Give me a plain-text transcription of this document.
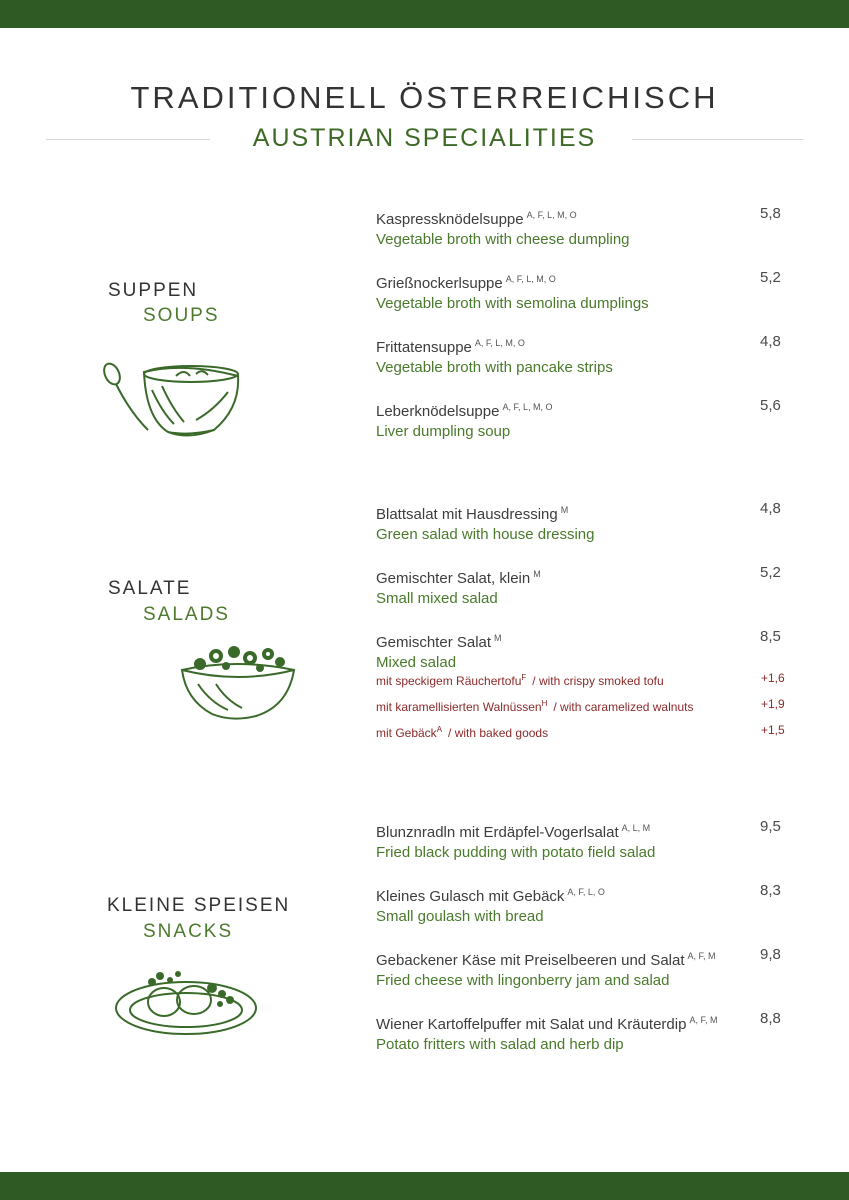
TRADITIONELL ÖSTERREICHISCH
AUSTRIAN SPECIALITIES
SUPPEN
SOUPS
Kaspressknödelsuppe $^{A, F, L, M, O}$
Vegetable broth with cheese dumpling
5,8
Grießnockerlsuppe $^{A, F, L, M, O}$
Vegetable broth with semolina dumplings
5,2
Frittatensuppe $^{A, F, L, M, O}$
Vegetable broth with pancake strips
4,8
Leberknödelsuppe $^{A, F, L, M, O}$
Liver dumpling soup
5,6
SALATE
SALADS
Blattsalat mit Hausdressing $^M$
Green salad with house dressing
4,8
Gemischter Salat, klein $^M$
Small mixed salad
5,2
Gemischter Salat $^M$
Mixed salad
8,5
mit speckigem Räuchertofu$^F$ / with crispy smoked tofu	+1,6
mit karamellisierten Walnüssen$^H$ / with caramelized walnuts	+1,9
mit Gebäck$^A$ / with baked goods	+1,5
KLEINE SPEISEN
SNACKS
Blunznradln mit Erdäpfel-Vogerlsalat $^{A, L, M}$
Fried black pudding with potato field salad
9,5
Kleines Gulasch mit Gebäck $^{A, F, L, O}$
Small goulash with bread
8,3
Gebackener Käse mit Preiselbeeren und Salat $^{A, F, M}$
Fried cheese with lingonberry jam and salad
9,8
Wiener Kartoffelpuffer mit Salat und Kräuterdip $^{A, F, M}$
Potato fritters with salad and herb dip
8,8
